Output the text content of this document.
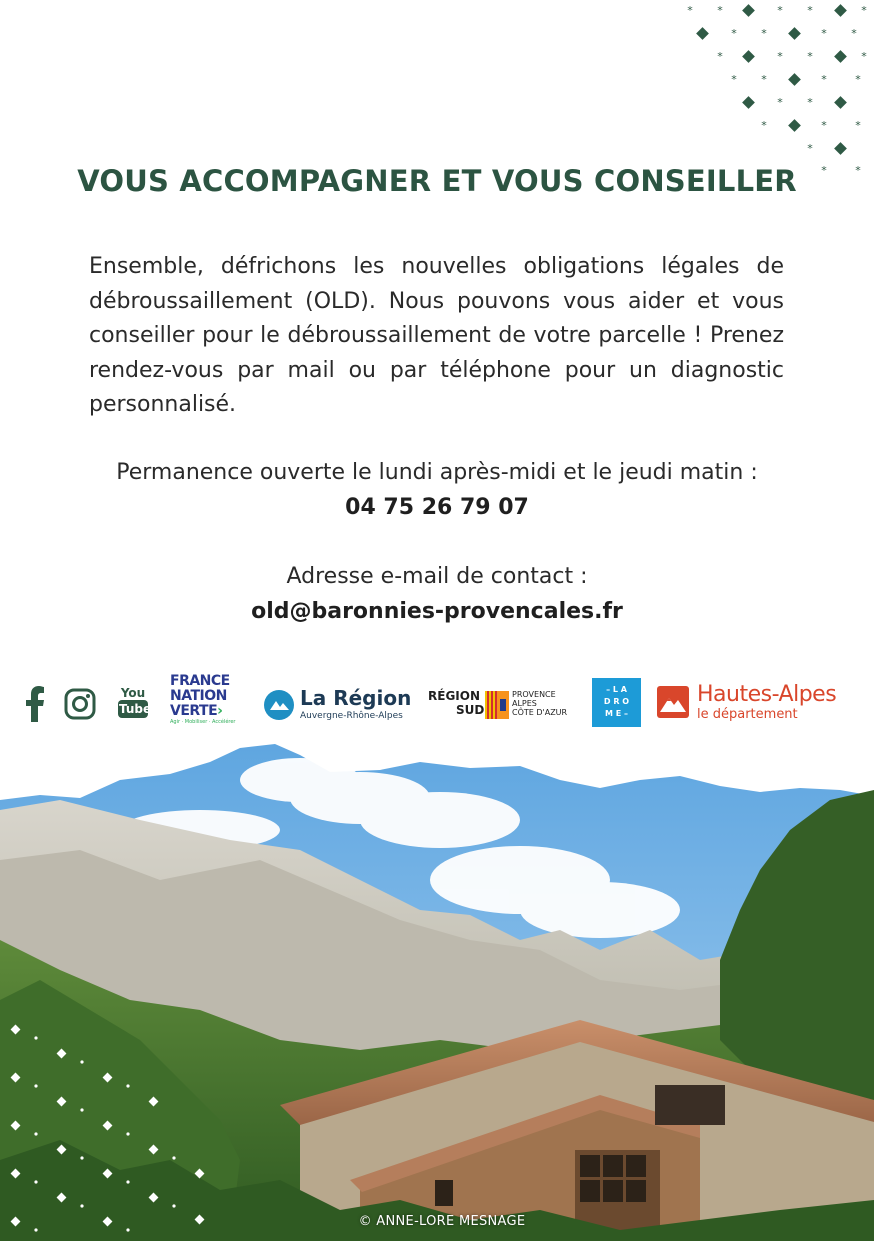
* *	* *	*
* *	* *
*	* *	*
* *	*	*
* *
*	*	*
*
*	*
VOUS ACCOMPAGNER ET VOUS CONSEILLER

Ensemble, défrichons les nouvelles obligations légales de débroussaillement (OLD). Nous pouvons vous aider et vous conseiller pour le débroussaillement de votre parcelle ! Prenez rendez-vous par mail ou par téléphone pour un diagnostic personnalisé.

Permanence ouverte le lundi après-midi et le jeudi matin :
04 75 26 79 07
Adresse e-mail de contact :
old@baronnies-provencales.fr
You
Tube
FRANCE
NATION
VERTE›
Agir · Mobiliser · Accélérer
La Région
Auvergne-Rhône-Alpes
RÉGION
SUD
PROVENCE
ALPES
CÔTE D'AZUR
– L A
D R O
M E –
Hautes-Alpes
le département
© ANNE-LORE MESNAGE
